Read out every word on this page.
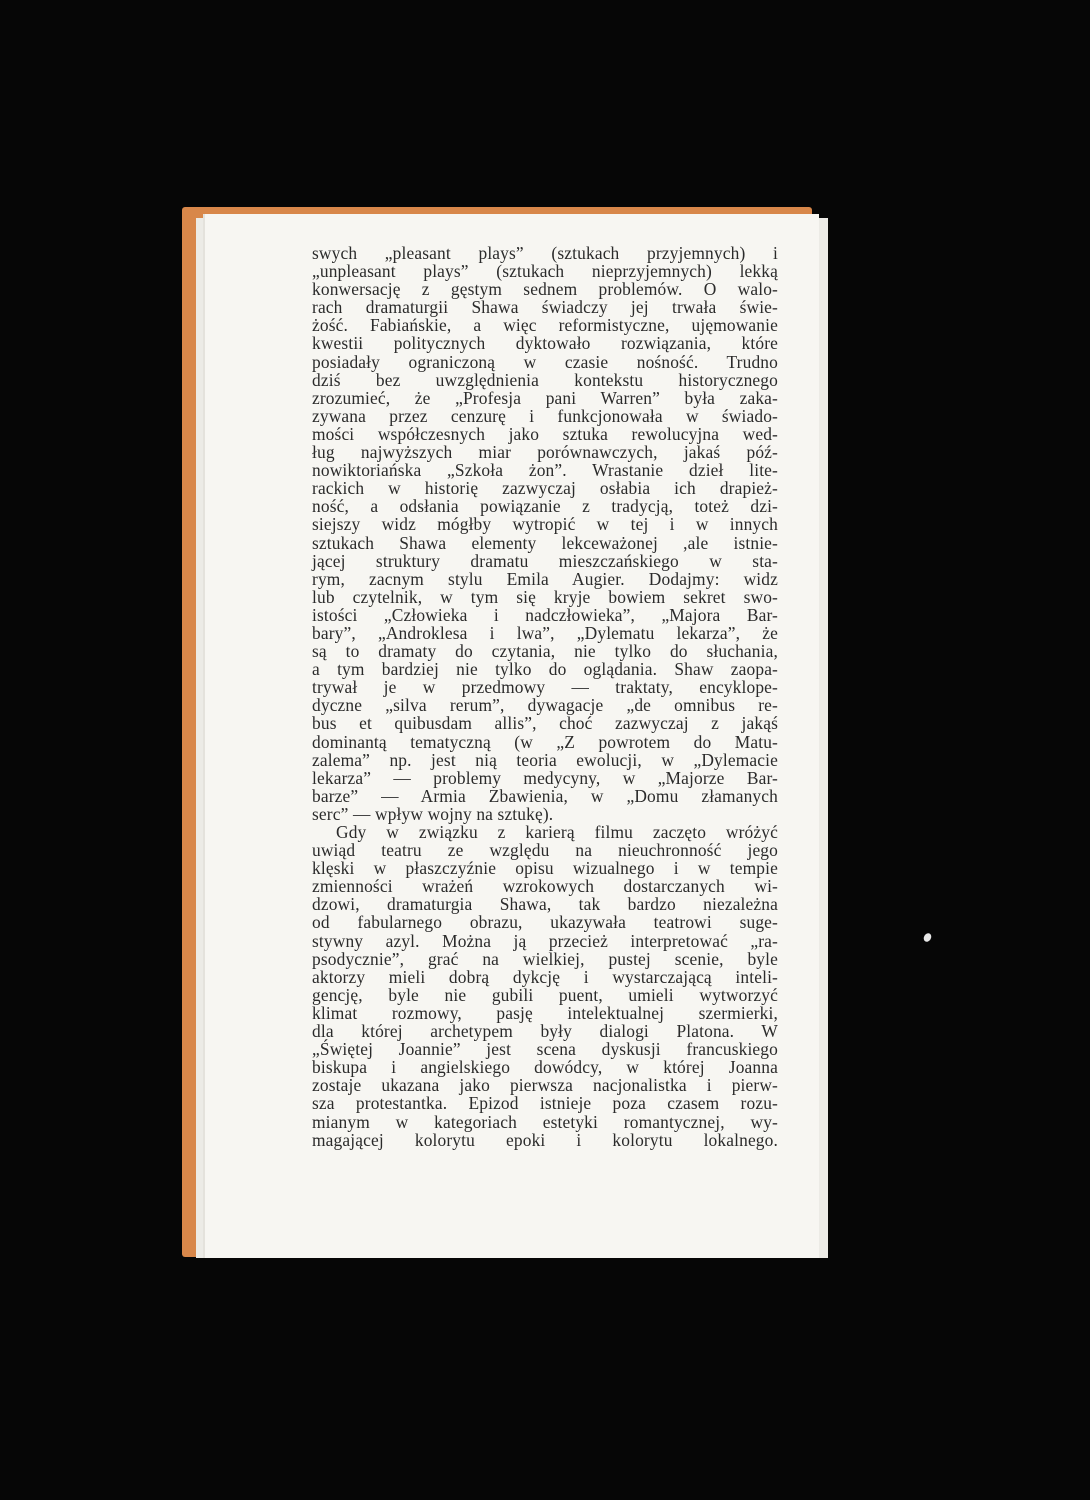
swych „pleasant plays” (sztukach przyjemnych) i

„unpleasant plays” (sztukach nieprzyjemnych) lekką

konwersację z gęstym sednem problemów. O walo-

rach dramaturgii Shawa świadczy jej trwała świe-

żość. Fabiańskie, a więc reformistyczne, ujęmowanie

kwestii politycznych dyktowało rozwiązania, które

posiadały ograniczoną w czasie nośność. Trudno

dziś bez uwzględnienia kontekstu historycznego

zrozumieć, że „Profesja pani Warren” była zaka-

zywana przez cenzurę i funkcjonowała w świado-

mości współczesnych jako sztuka rewolucyjna wed-

ług najwyższych miar porównawczych, jakaś póź-

nowiktoriańska „Szkoła żon”. Wrastanie dzieł lite-

rackich w historię zazwyczaj osłabia ich drapież-

ność, a odsłania powiązanie z tradycją, toteż dzi-

siejszy widz mógłby wytropić w tej i w innych

sztukach Shawa elementy lekceważonej ,ale istnie-

jącej struktury dramatu mieszczańskiego w sta-

rym, zacnym stylu Emila Augier. Dodajmy: widz

lub czytelnik, w tym się kryje bowiem sekret swo-

istości „Człowieka i nadczłowieka”, „Majora Bar-

bary”, „Androklesa i lwa”, „Dylematu lekarza”, że

są to dramaty do czytania, nie tylko do słuchania,

a tym bardziej nie tylko do oglądania. Shaw zaopa-

trywał je w przedmowy — traktaty, encyklope-

dyczne „silva rerum”, dywagacje „de omnibus re-

bus et quibusdam allis”, choć zazwyczaj z jakąś

dominantą tematyczną (w „Z powrotem do Matu-

zalema” np. jest nią teoria ewolucji, w „Dylemacie

lekarza” — problemy medycyny, w „Majorze Bar-

barze” — Armia Zbawienia, w „Domu złamanych

serc” — wpływ wojny na sztukę).

Gdy w związku z karierą filmu zaczęto wróżyć

uwiąd teatru ze względu na nieuchronność jego

klęski w płaszczyźnie opisu wizualnego i w tempie

zmienności wrażeń wzrokowych dostarczanych wi-

dzowi, dramaturgia Shawa, tak bardzo niezależna

od fabularnego obrazu, ukazywała teatrowi suge-

stywny azyl. Można ją przecież interpretować „ra-

psodycznie”, grać na wielkiej, pustej scenie, byle

aktorzy mieli dobrą dykcję i wystarczającą inteli-

gencję, byle nie gubili puent, umieli wytworzyć

klimat rozmowy, pasję intelektualnej szermierki,

dla której archetypem były dialogi Platona. W

„Świętej Joannie” jest scena dyskusji francuskiego

biskupa i angielskiego dowódcy, w której Joanna

zostaje ukazana jako pierwsza nacjonalistka i pierw-

sza protestantka. Epizod istnieje poza czasem rozu-

mianym w kategoriach estetyki romantycznej, wy-

magającej kolorytu epoki i kolorytu lokalnego.
